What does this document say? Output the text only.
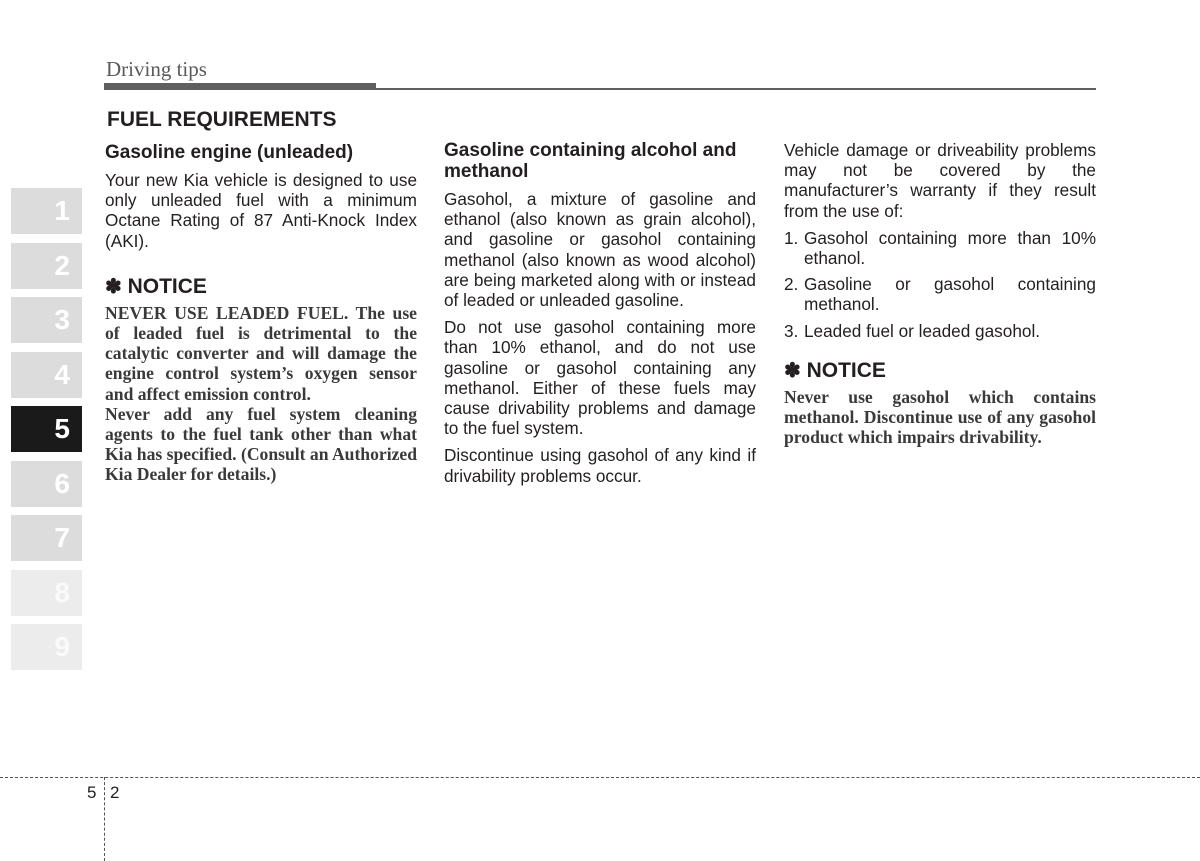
Driving tips
1
2
3
4
5
6
7
8
9
FUEL REQUIREMENTS
Gasoline engine (unleaded)

Your new Kia vehicle is designed to use only unleaded fuel with a minimum Octane Rating of 87 Anti-Knock Index (AKI).

✽ NOTICE
NEVER USE LEADED FUEL. The use of leaded fuel is detrimental to the catalytic converter and will damage the engine control system’s oxygen sensor and affect emission control.
Never add any fuel system cleaning agents to the fuel tank other than what Kia has specified. (Consult an Authorized Kia Dealer for details.)
Gasoline containing alcohol and methanol

Gasohol, a mixture of gasoline and ethanol (also known as grain alcohol), and gasoline or gasohol containing methanol (also known as wood alcohol) are being marketed along with or instead of leaded or unleaded gasoline.

Do not use gasohol containing more than 10% ethanol, and do not use gasoline or gasohol containing any methanol. Either of these fuels may cause drivability problems and damage to the fuel system.

Discontinue using gasohol of any kind if drivability problems occur.

Vehicle damage or driveability problems may not be covered by the manufacturer’s warranty if they result from the use of:

1. Gasohol containing more than 10% ethanol.
2. Gasoline or gasohol containing methanol.
3. Leaded fuel or leaded gasohol.
✽ NOTICE
Never use gasohol which contains methanol. Discontinue use of any gasohol product which impairs drivability.
5 2
